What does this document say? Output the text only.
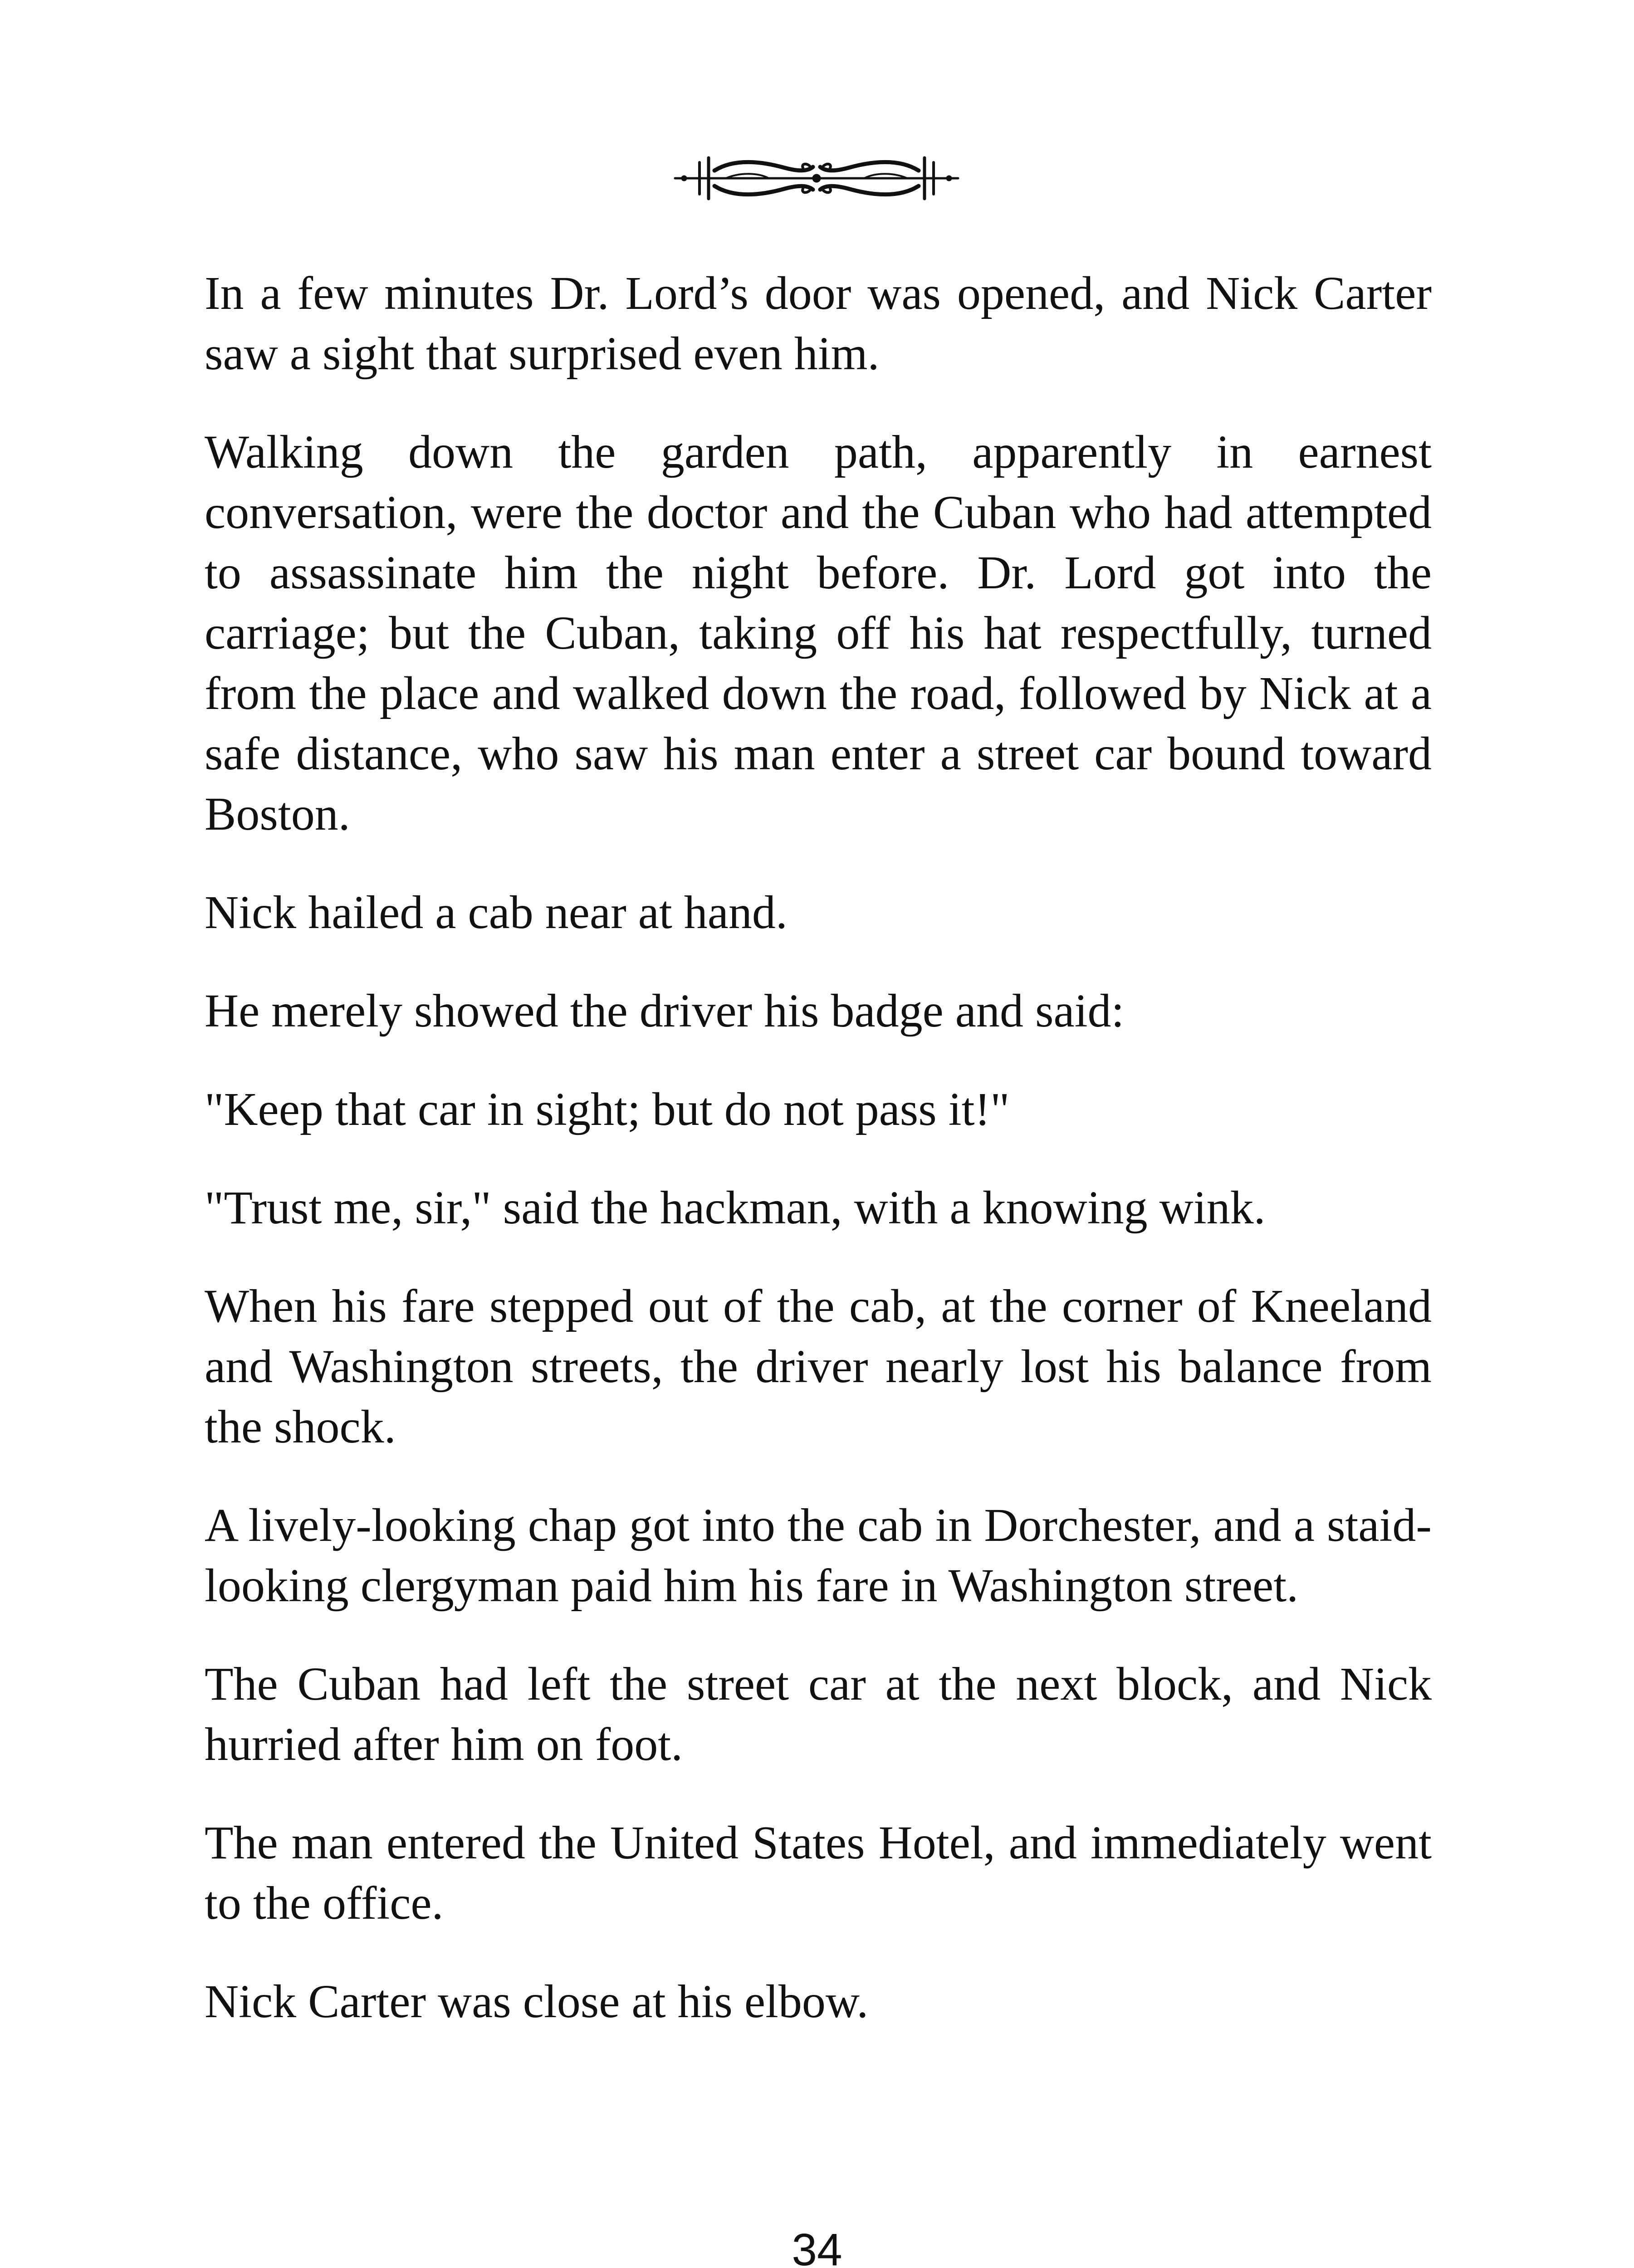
In a few minutes Dr. Lord’s door was opened, and Nick Carter saw a sight that surprised even him.

Walking down the garden path, apparently in earnest conversation, were the doctor and the Cuban who had attempted to assassinate him the night before. Dr. Lord got into the carriage; but the Cuban, taking off his hat respectfully, turned from the place and walked down the road, followed by Nick at a safe distance, who saw his man enter a street car bound toward Boston.

Nick hailed a cab near at hand.

He merely showed the driver his badge and said:

"Keep that car in sight; but do not pass it!"

"Trust me, sir," said the hackman, with a knowing wink.

When his fare stepped out of the cab, at the corner of Kneeland and Washington streets, the driver nearly lost his balance from the shock.

A lively-looking chap got into the cab in Dorchester, and a staid-looking clergyman paid him his fare in Washington street.

The Cuban had left the street car at the next block, and Nick hurried after him on foot.

The man entered the United States Hotel, and immediately went to the office.

Nick Carter was close at his elbow.

34
